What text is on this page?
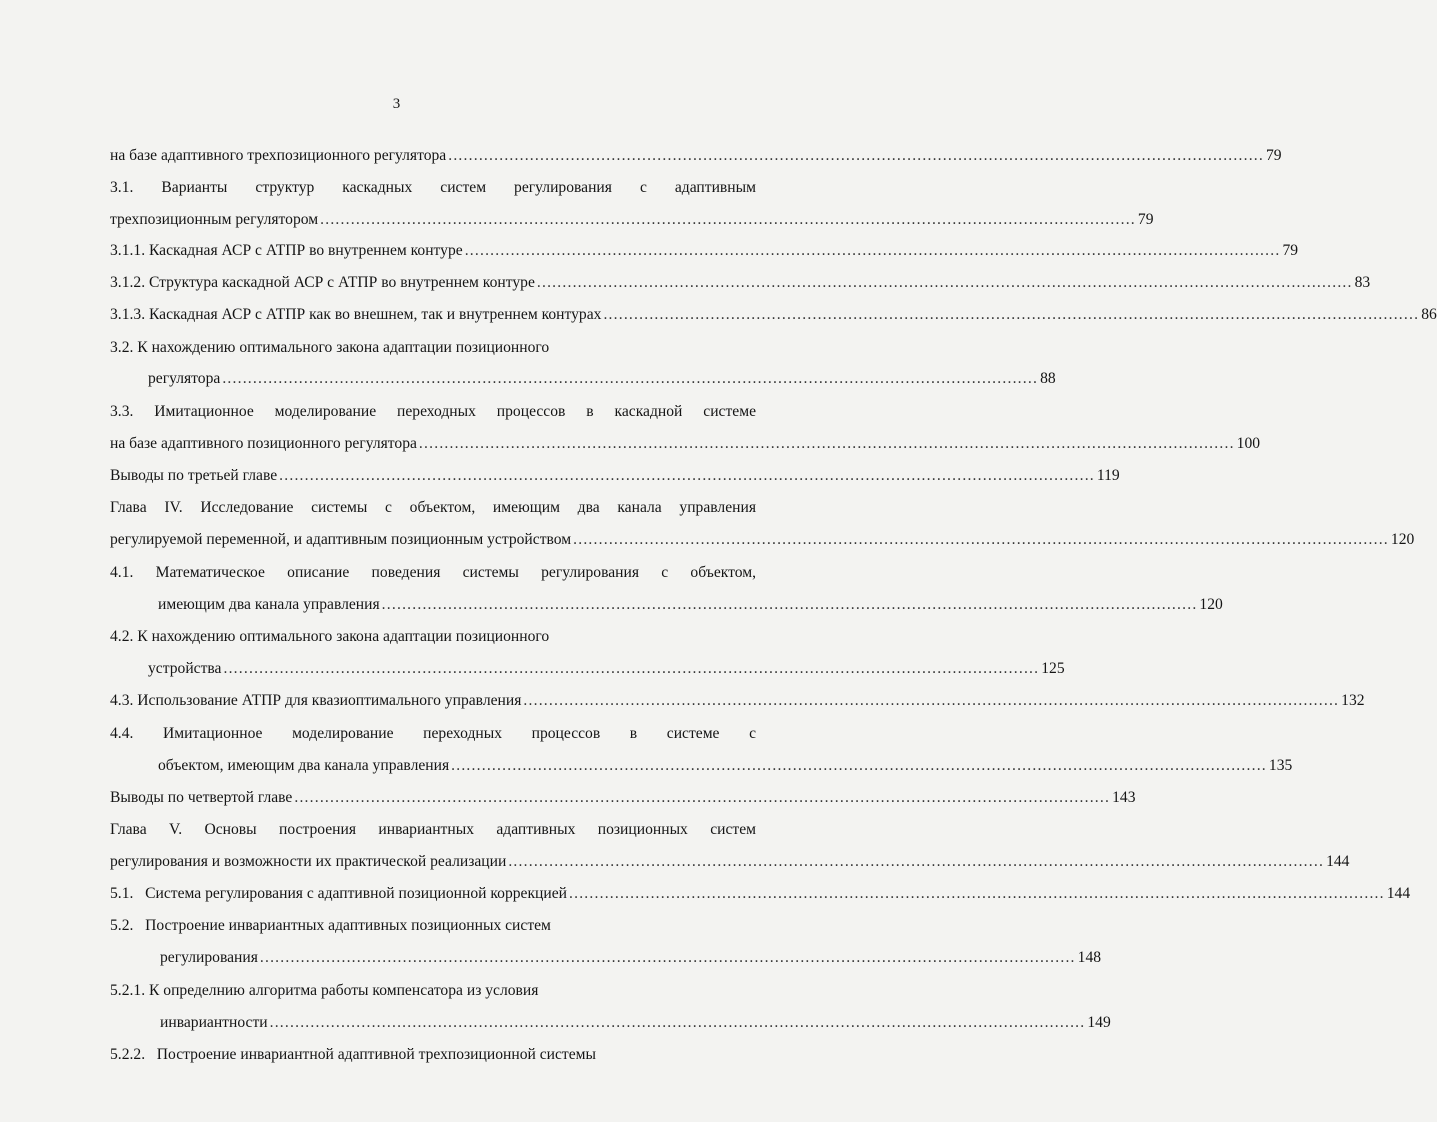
3
на базе адаптивного трехпозиционного регулятора ................................................................................................................................................................ 79
3.1. Варианты структур каскадных систем регулирования с адаптивным
трехпозиционным регулятором ................................................................................................................................................................ 79
3.1.1. Каскадная АСР с АТПР во внутреннем контуре ................................................................................................................................................................ 79
3.1.2. Структура каскадной АСР с АТПР во внутреннем контуре ................................................................................................................................................................ 83
3.1.3. Каскадная АСР с АТПР как во внешнем, так и внутреннем контурах ................................................................................................................................................................ 86
3.2. К нахождению оптимального закона адаптации позиционного
регулятора ................................................................................................................................................................ 88
3.3. Имитационное моделирование переходных процессов в каскадной системе
на базе адаптивного позиционного регулятора ................................................................................................................................................................ 100
Выводы по третьей главе ................................................................................................................................................................ 119
Глава IV. Исследование системы с объектом, имеющим два канала управления
регулируемой переменной, и адаптивным позиционным устройством ................................................................................................................................................................ 120
4.1. Математическое описание поведения системы регулирования с объектом,
имеющим два канала управления ................................................................................................................................................................ 120
4.2. К нахождению оптимального закона адаптации позиционного
устройства ................................................................................................................................................................ 125
4.3. Использование АТПР для квазиоптимального управления ................................................................................................................................................................ 132
4.4. Имитационное моделирование переходных процессов в системе с
объектом, имеющим два канала управления ................................................................................................................................................................ 135
Выводы по четвертой главе ................................................................................................................................................................ 143
Глава V. Основы построения инвариантных адаптивных позиционных систем
регулирования и возможности их практической реализации ................................................................................................................................................................ 144
5.1.   Система регулирования с адаптивной позиционной коррекцией ................................................................................................................................................................ 144
5.2.   Построение инвариантных адаптивных позиционных систем
регулирования ................................................................................................................................................................ 148
5.2.1. К определнию алгоритма работы компенсатора из условия
инвариантности ................................................................................................................................................................ 149
5.2.2.   Построение инвариантной адаптивной трехпозиционной системы
